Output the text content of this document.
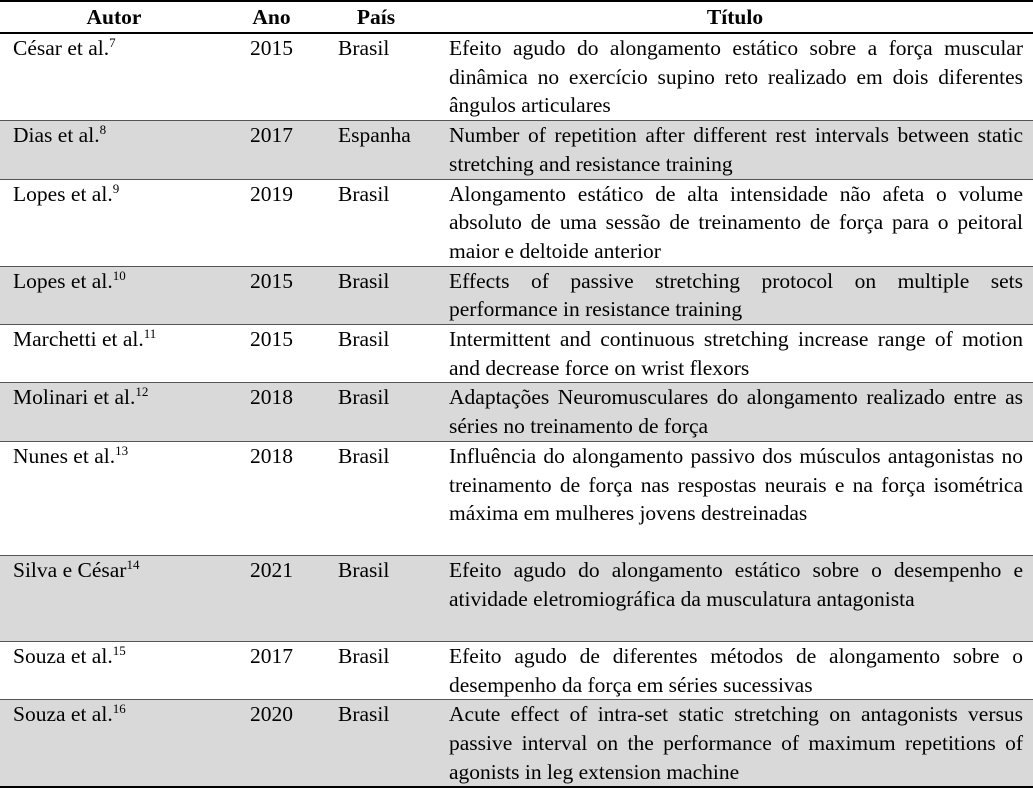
Autor	Ano	País	Título
César et al.$^7$	2015	Brasil	Efeito agudo do alongamento estático sobre a força muscular dinâmica no exercício supino reto realizado em dois diferentes ângulos articulares
Dias et al.$^8$	2017	Espanha	Number of repetition after different rest intervals between static stretching and resistance training
Lopes et al.$^9$	2019	Brasil	Alongamento estático de alta intensidade não afeta o volume absoluto de uma sessão de treinamento de força para o peitoral maior e deltoide anterior
Lopes et al.$^{10}$	2015	Brasil	Effects of passive stretching protocol on multiple sets performance in resistance training
Marchetti et al.$^{11}$	2015	Brasil	Intermittent and continuous stretching increase range of motion and decrease force on wrist flexors
Molinari et al.$^{12}$	2018	Brasil	Adaptações Neuromusculares do alongamento realizado entre as séries no treinamento de força
Nunes et al.$^{13}$	2018	Brasil	Influência do alongamento passivo dos músculos antagonistas no treinamento de força nas respostas neurais e na força isométrica máxima em mulheres jovens destreinadas
Silva e César$^{14}$	2021	Brasil	Efeito agudo do alongamento estático sobre o desempenho e atividade eletromiográfica da musculatura antagonista
Souza et al.$^{15}$	2017	Brasil	Efeito agudo de diferentes métodos de alongamento sobre o desempenho da força em séries sucessivas
Souza et al.$^{16}$	2020	Brasil	Acute effect of intra-set static stretching on antagonists versus passive interval on the performance of maximum repetitions of agonists in leg extension machine
